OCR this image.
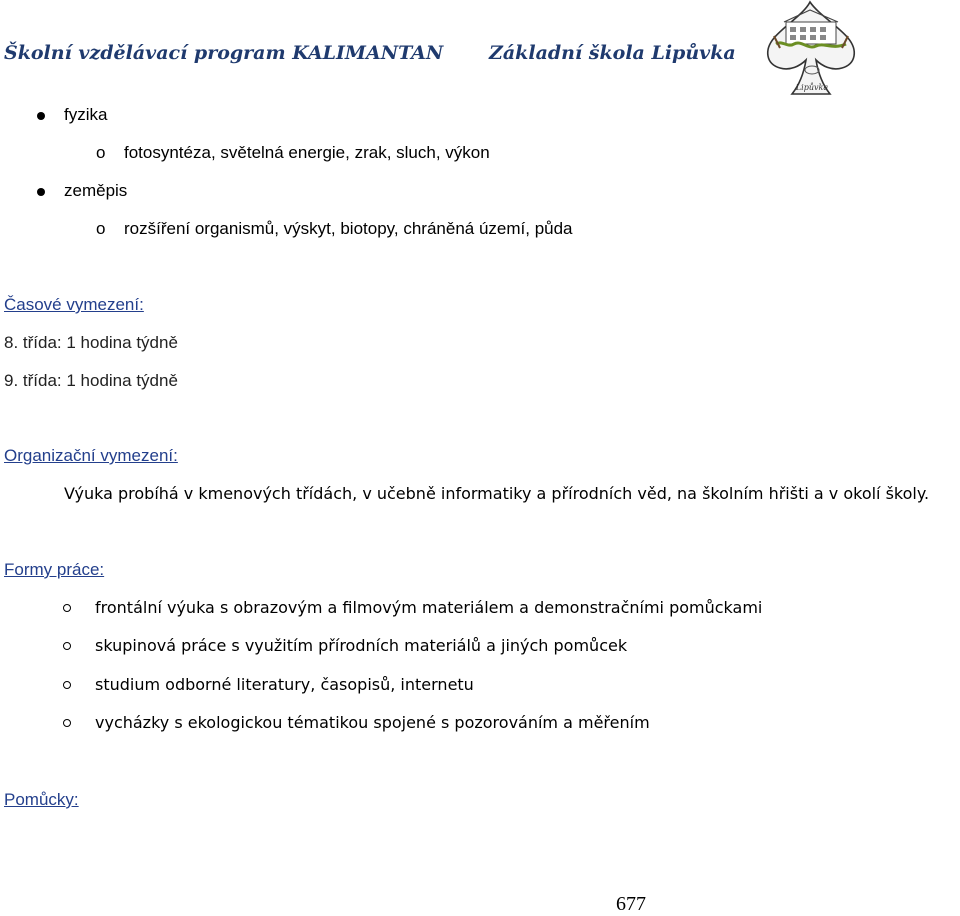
Školní vzdělávací program KALIMANTAN Základní škola Lipůvka
Lipůvka
fyzika
o fotosyntéza, světelná energie, zrak, sluch, výkon
zeměpis
o rozšíření organismů, výskyt, biotopy, chráněná území, půda
Časové vymezení:
8. třída: 1 hodina týdně
9. třída: 1 hodina týdně
Organizační vymezení:
Výuka probíhá v kmenových třídách, v učebně informatiky a přírodních věd, na školním hřišti a v okolí školy.
Formy práce:
frontální výuka s obrazovým a filmovým materiálem a demonstračními pomůckami
skupinová práce s využitím přírodních materiálů a jiných pomůcek
studium odborné literatury, časopisů, internetu
vycházky s ekologickou tématikou spojené s pozorováním a měřením
Pomůcky:
677
